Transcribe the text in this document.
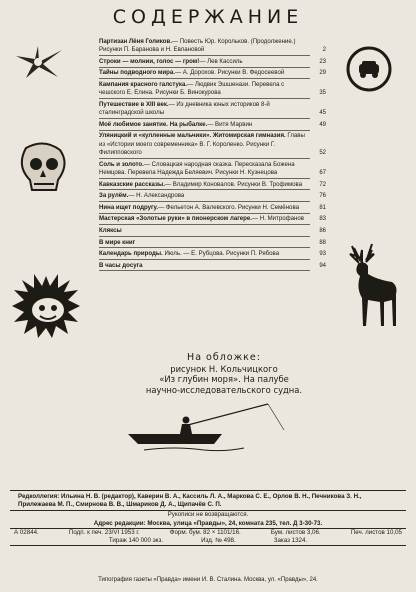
СОДЕРЖАНИЕ
Партизан Лёня Голиков.— Повесть Юр. Корольков. (Продолжение.) Рисунки П. Баранова и Н. Евлановой	2
Строки — молнии, голос — гром!— Лев Кассиль	23
Тайны подводного мира.— А. Дорохов. Рисунки В. Федосеевой	29
Кампания красного галстука.— Людвик Эшшенази. Перевела с чешского Е. Елина. Рисунки Б. Винокурова	35
Путешествие в XIII век.— Из дневника юных историков 8-й сталинградской школы	45
Моё любимое занятие. На рыбалке.— Витя Марвин	49
Уляницкий и «кулленные мальчики». Житомирская гимназия. Главы из «Истории моего современника» В. Г. Короленко. Рисунки Г. Филипповского	52
Соль и золото.— Словацкая народная сказка. Пересказала Божена Немцова. Перевела Надежда Беляевич. Рисунки Н. Кузнецова	67
Кавказские рассказы.— Владимир Коновалов. Рисунки В. Трофимова	72
За рулём.— Н. Александрова	76
Нина ищет подругу.— Фельетон А. Валевского. Рисунки Н. Семёнова	81
Мастерская «Золотые руки» в пионерском лагере.— Н. Митрофанов	83
Кляксы	86
В мире книг	88
Календарь природы. Июль. — Е. Рубцова. Рисунки П. Рябова	93
В часы досуга	94
На обложке:
рисунок Н. Кольчицкого
«Из глубин моря». На палубе
научно-исследовательского судна.
Редколлегия: Ильина Н. В. (редактор), Каверин В. А., Кассиль Л. А., Маркова С. Е., Орлов В. Н., Печникова З. Н., Прилежаева М. П., Смирнова В. В., Шмариков Д. А., Щипачёв С. П.
Рукописи не возвращаются.
Адрес редакции: Москва, улица «Правды», 24, комната 235, тел. Д 3-30-73.
А 02844.	Подп. к печ. 23/VI 1953 г.	Форм. бум. 82 × 1101/16.	Бум. листов 3,06.	Печ. листов 10,05
Тираж 140 000 экз.	Изд. № 498.	Заказ 1324.
Типография газеты «Правда» имени И. В. Сталина. Москва, ул. «Правды», 24.
